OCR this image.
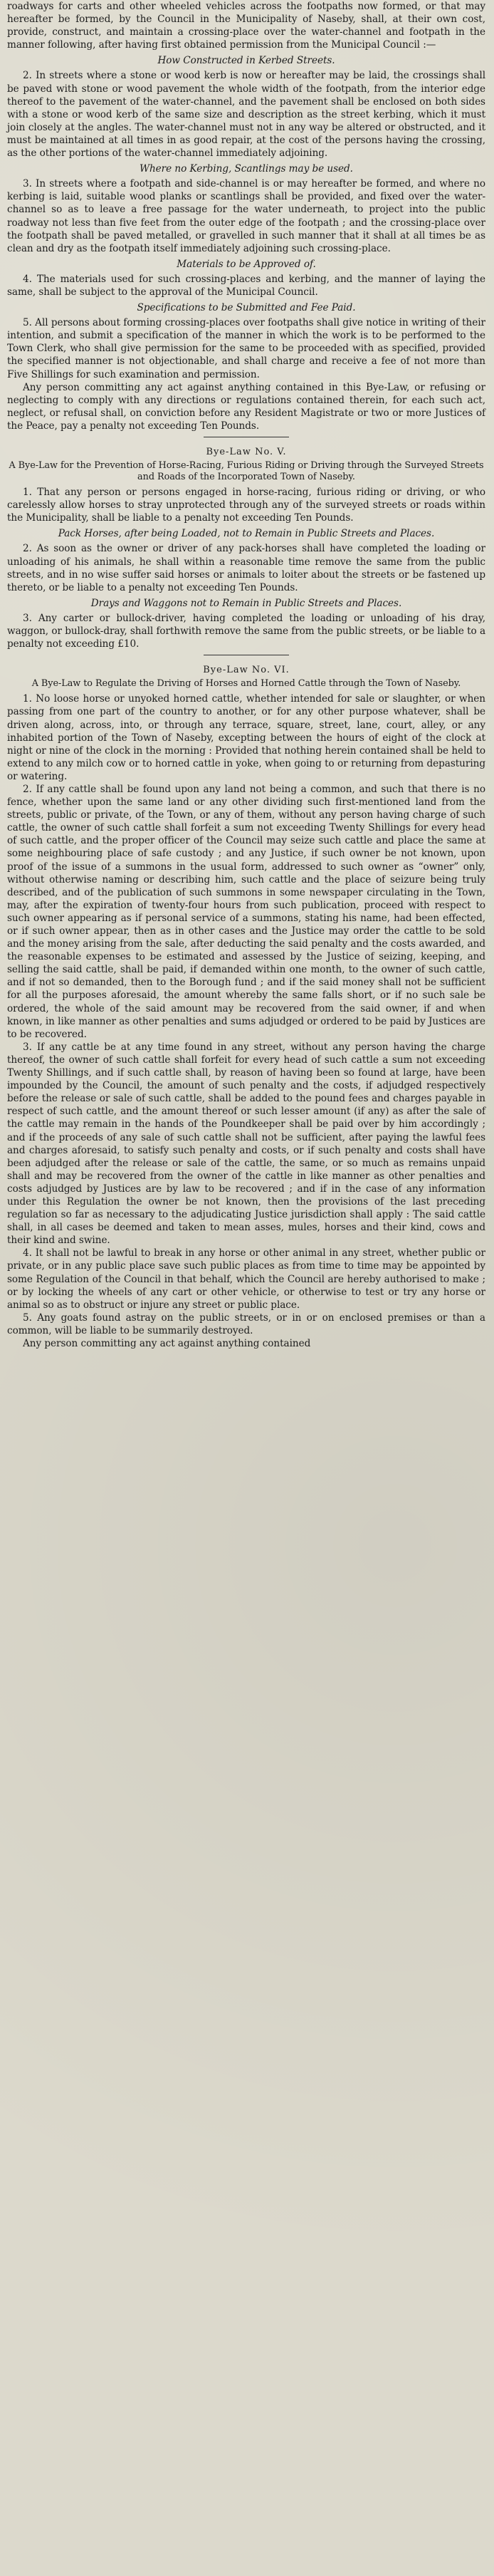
roadways for carts and other wheeled vehicles across the footpaths now formed, or that may hereafter be formed, by the Council in the Municipality of Naseby, shall, at their own cost, provide, construct, and maintain a crossing-place over the water-channel and footpath in the manner following, after having first obtained permission from the Municipal Council :—

How Constructed in Kerbed Streets.

2. In streets where a stone or wood kerb is now or hereafter may be laid, the crossings shall be paved with stone or wood pavement the whole width of the footpath, from the interior edge thereof to the pavement of the water-channel, and the pavement shall be enclosed on both sides with a stone or wood kerb of the same size and description as the street kerbing, which it must join closely at the angles. The water-channel must not in any way be altered or obstructed, and it must be maintained at all times in as good repair, at the cost of the persons having the crossing, as the other portions of the water-channel immediately adjoining.

Where no Kerbing, Scantlings may be used.

3. In streets where a footpath and side-channel is or may hereafter be formed, and where no kerbing is laid, suitable wood planks or scantlings shall be provided, and fixed over the water-channel so as to leave a free passage for the water underneath, to project into the public roadway not less than five feet from the outer edge of the footpath ; and the crossing-place over the footpath shall be paved metalled, or gravelled in such manner that it shall at all times be as clean and dry as the footpath itself immediately adjoining such crossing-place.

Materials to be Approved of.

4. The materials used for such crossing-places and kerbing, and the manner of laying the same, shall be subject to the approval of the Municipal Council.

Specifications to be Submitted and Fee Paid.

5. All persons about forming crossing-places over footpaths shall give notice in writing of their intention, and submit a specification of the manner in which the work is to be performed to the Town Clerk, who shall give permission for the same to be proceeded with as specified, provided the specified manner is not objectionable, and shall charge and receive a fee of not more than Five Shillings for such examination and permission.

Any person committing any act against anything contained in this Bye-Law, or refusing or neglecting to comply with any directions or regulations contained therein, for each such act, neglect, or refusal shall, on conviction before any Resident Magistrate or two or more Justices of the Peace, pay a penalty not exceeding Ten Pounds.

Bye-Law No. V.

A Bye-Law for the Prevention of Horse-Racing, Furious Riding or Driving through the Surveyed Streets and Roads of the Incorporated Town of Naseby.

1. That any person or persons engaged in horse-racing, furious riding or driving, or who carelessly allow horses to stray unprotected through any of the surveyed streets or roads within the Municipality, shall be liable to a penalty not exceeding Ten Pounds.

Pack Horses, after being Loaded, not to Remain in Public Streets and Places.

2. As soon as the owner or driver of any pack-horses shall have completed the loading or unloading of his animals, he shall within a reasonable time remove the same from the public streets, and in no wise suffer said horses or animals to loiter about the streets or be fastened up thereto, or be liable to a penalty not exceeding Ten Pounds.

Drays and Waggons not to Remain in Public Streets and Places.

3. Any carter or bullock-driver, having completed the loading or unloading of his dray, waggon, or bullock-dray, shall forthwith remove the same from the public streets, or be liable to a penalty not exceeding £10.

Bye-Law No. VI.

A Bye-Law to Regulate the Driving of Horses and Horned Cattle through the Town of Naseby.

1. No loose horse or unyoked horned cattle, whether intended for sale or slaughter, or when passing from one part of the country to another, or for any other purpose whatever, shall be driven along, across, into, or through any terrace, square, street, lane, court, alley, or any inhabited portion of the Town of Naseby, excepting between the hours of eight of the clock at night or nine of the clock in the morning : Provided that nothing herein contained shall be held to extend to any milch cow or to horned cattle in yoke, when going to or returning from depasturing or watering.

2. If any cattle shall be found upon any land not being a common, and such that there is no fence, whether upon the same land or any other dividing such first-mentioned land from the streets, public or private, of the Town, or any of them, without any person having charge of such cattle, the owner of such cattle shall forfeit a sum not exceeding Twenty Shillings for every head of such cattle, and the proper officer of the Council may seize such cattle and place the same at some neighbouring place of safe custody ; and any Justice, if such owner be not known, upon proof of the issue of a summons in the usual form, addressed to such owner as “owner” only, without otherwise naming or describing him, such cattle and the place of seizure being truly described, and of the publication of such summons in some newspaper circulating in the Town, may, after the expiration of twenty-four hours from such publication, proceed with respect to such owner appearing as if personal service of a summons, stating his name, had been effected, or if such owner appear, then as in other cases and the Justice may order the cattle to be sold and the money arising from the sale, after deducting the said penalty and the costs awarded, and the reasonable expenses to be estimated and assessed by the Justice of seizing, keeping, and selling the said cattle, shall be paid, if demanded within one month, to the owner of such cattle, and if not so demanded, then to the Borough fund ; and if the said money shall not be sufficient for all the purposes aforesaid, the amount whereby the same falls short, or if no such sale be ordered, the whole of the said amount may be recovered from the said owner, if and when known, in like manner as other penalties and sums adjudged or ordered to be paid by Justices are to be recovered.

3. If any cattle be at any time found in any street, without any person having the charge thereof, the owner of such cattle shall forfeit for every head of such cattle a sum not exceeding Twenty Shillings, and if such cattle shall, by reason of having been so found at large, have been impounded by the Council, the amount of such penalty and the costs, if adjudged respectively before the release or sale of such cattle, shall be added to the pound fees and charges payable in respect of such cattle, and the amount thereof or such lesser amount (if any) as after the sale of the cattle may remain in the hands of the Poundkeeper shall be paid over by him accordingly ; and if the proceeds of any sale of such cattle shall not be sufficient, after paying the lawful fees and charges aforesaid, to satisfy such penalty and costs, or if such penalty and costs shall have been adjudged after the release or sale of the cattle, the same, or so much as remains unpaid shall and may be recovered from the owner of the cattle in like manner as other penalties and costs adjudged by Justices are by law to be recovered ; and if in the case of any information under this Regulation the owner be not known, then the provisions of the last preceding regulation so far as necessary to the adjudicating Justice jurisdiction shall apply : The said cattle shall, in all cases be deemed and taken to mean asses, mules, horses and their kind, cows and their kind and swine.

4. It shall not be lawful to break in any horse or other animal in any street, whether public or private, or in any public place save such public places as from time to time may be appointed by some Regulation of the Council in that behalf, which the Council are hereby authorised to make ; or by locking the wheels of any cart or other vehicle, or otherwise to test or try any horse or animal so as to obstruct or injure any street or public place.

5. Any goats found astray on the public streets, or in or on enclosed premises or than a common, will be liable to be summarily destroyed.

Any person committing any act against anything contained
